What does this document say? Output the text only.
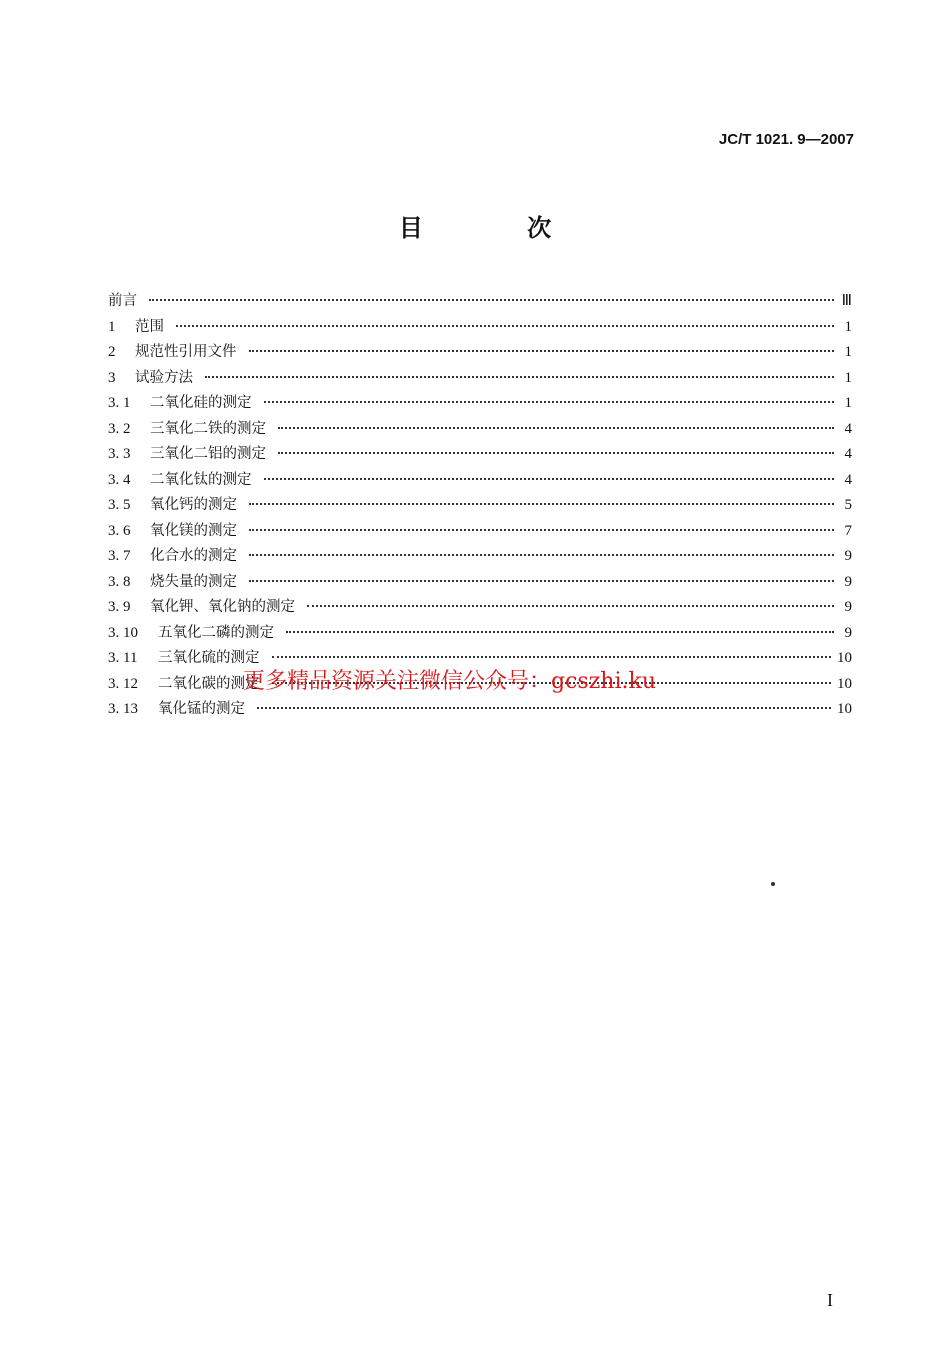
JC/T 1021. 9—2007
目 次
前言	Ⅲ
1	范围	1
2	规范性引用文件	1
3	试验方法	1
3. 1	二氧化硅的测定	1
3. 2	三氧化二铁的测定	4
3. 3	三氧化二铝的测定	4
3. 4	二氧化钛的测定	4
3. 5	氧化钙的测定	5
3. 6	氧化镁的测定	7
3. 7	化合水的测定	9
3. 8	烧失量的测定	9
3. 9	氧化钾、氧化钠的测定	9
3. 10	五氧化二磷的测定	9
3. 11	三氧化硫的测定	10
3. 12	二氧化碳的测定	10
3. 13	氧化锰的测定	10
更多精品资源关注微信公众号：gcszhi.ku
I
